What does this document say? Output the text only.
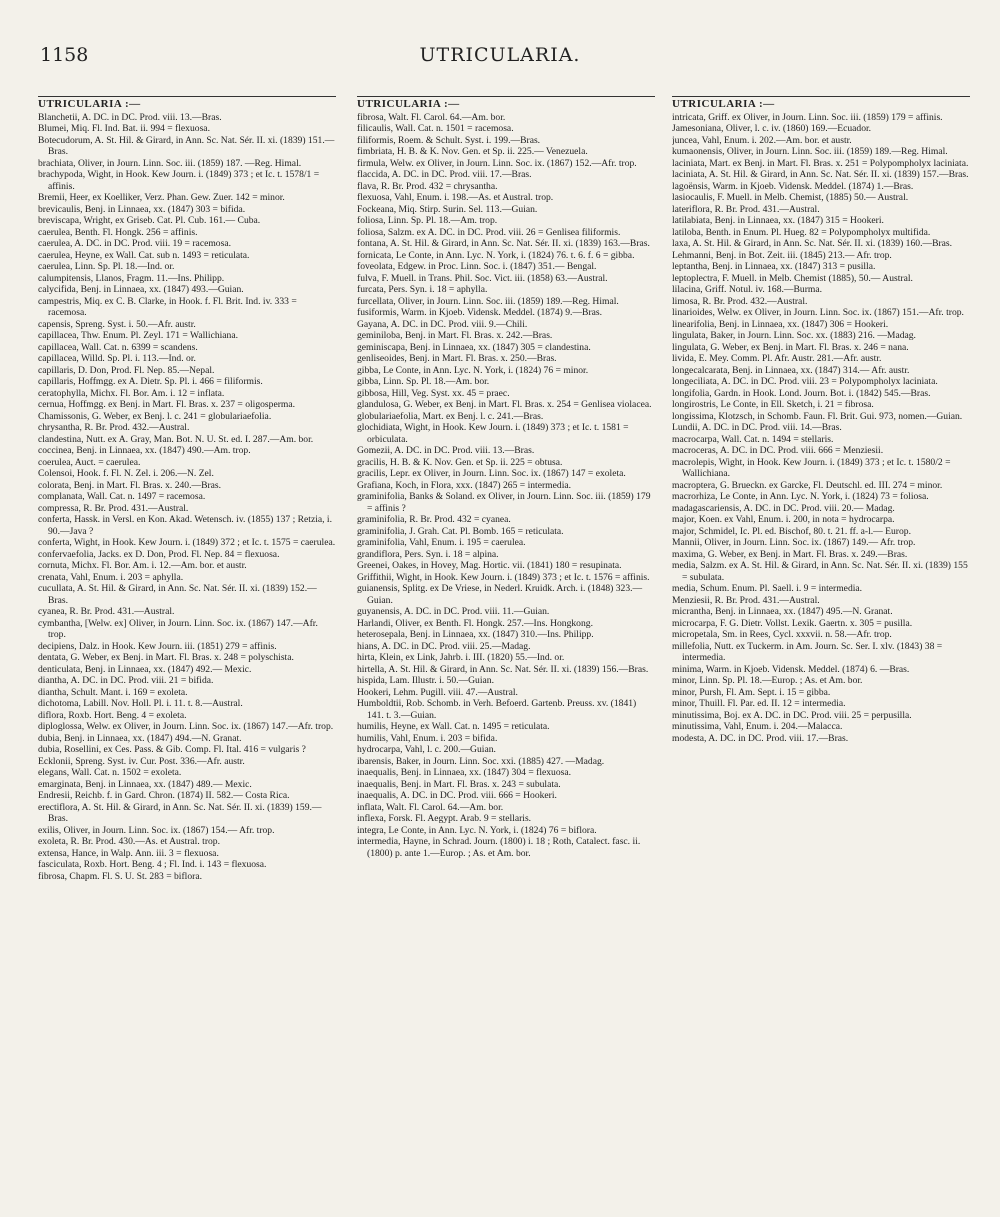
1158	UTRICULARIA.
UTRICULARIA :—

Blanchetii, A. DC. in DC. Prod. viii. 13.—Bras.

Blumei, Miq. Fl. Ind. Bat. ii. 994 = flexuosa.

Botecudorum, A. St. Hil. & Girard, in Ann. Sc. Nat. Sér. II. xi. (1839) 151.—Bras.

brachiata, Oliver, in Journ. Linn. Soc. iii. (1859) 187. —Reg. Himal.

brachypoda, Wight, in Hook. Kew Journ. i. (1849) 373 ; et Ic. t. 1578/1 = affinis.

Bremii, Heer, ex Koelliker, Verz. Phan. Gew. Zuer. 142 = minor.

brevicaulis, Benj. in Linnaea, xx. (1847) 303 = bifida.

breviscapa, Wright, ex Griseb. Cat. Pl. Cub. 161.— Cuba.

caerulea, Benth. Fl. Hongk. 256 = affinis.

caerulea, A. DC. in DC. Prod. viii. 19 = racemosa.

caerulea, Heyne, ex Wall. Cat. sub n. 1493 = reticulata.

caerulea, Linn. Sp. Pl. 18.—Ind. or.

calumpitensis, Llanos, Fragm. 11.—Ins. Philipp.

calycifida, Benj. in Linnaea, xx. (1847) 493.—Guian.

campestris, Miq. ex C. B. Clarke, in Hook. f. Fl. Brit. Ind. iv. 333 = racemosa.

capensis, Spreng. Syst. i. 50.—Afr. austr.

capillacea, Thw. Enum. Pl. Zeyl. 171 = Wallichiana.

capillacea, Wall. Cat. n. 6399 = scandens.

capillacea, Willd. Sp. Pl. i. 113.—Ind. or.

capillaris, D. Don, Prod. Fl. Nep. 85.—Nepal.

capillaris, Hoffmgg. ex A. Dietr. Sp. Pl. i. 466 = filiformis.

ceratophylla, Michx. Fl. Bor. Am. i. 12 = inflata.

cernua, Hoffmgg. ex Benj. in Mart. Fl. Bras. x. 237 = oligosperma.

Chamissonis, G. Weber, ex Benj. l. c. 241 = globulariaefolia.

chrysantha, R. Br. Prod. 432.—Austral.

clandestina, Nutt. ex A. Gray, Man. Bot. N. U. St. ed. I. 287.—Am. bor.

coccinea, Benj. in Linnaea, xx. (1847) 490.—Am. trop.

coerulea, Auct. = caerulea.

Colensoi, Hook. f. Fl. N. Zel. i. 206.—N. Zel.

colorata, Benj. in Mart. Fl. Bras. x. 240.—Bras.

complanata, Wall. Cat. n. 1497 = racemosa.

compressa, R. Br. Prod. 431.—Austral.

conferta, Hassk. in Versl. en Kon. Akad. Wetensch. iv. (1855) 137 ; Retzia, i. 90.—Java ?

conferta, Wight, in Hook. Kew Journ. i. (1849) 372 ; et Ic. t. 1575 = caerulea.

confervaefolia, Jacks. ex D. Don, Prod. Fl. Nep. 84 = flexuosa.

cornuta, Michx. Fl. Bor. Am. i. 12.—Am. bor. et austr.

crenata, Vahl, Enum. i. 203 = aphylla.

cucullata, A. St. Hil. & Girard, in Ann. Sc. Nat. Sér. II. xi. (1839) 152.—Bras.

cyanea, R. Br. Prod. 431.—Austral.

cymbantha, [Welw. ex] Oliver, in Journ. Linn. Soc. ix. (1867) 147.—Afr. trop.

decipiens, Dalz. in Hook. Kew Journ. iii. (1851) 279 = affinis.

dentata, G. Weber, ex Benj. in Mart. Fl. Bras. x. 248 = polyschista.

denticulata, Benj. in Linnaea, xx. (1847) 492.— Mexic.

diantha, A. DC. in DC. Prod. viii. 21 = bifida.

diantha, Schult. Mant. i. 169 = exoleta.

dichotoma, Labill. Nov. Holl. Pl. i. 11. t. 8.—Austral.

diflora, Roxb. Hort. Beng. 4 = exoleta.

diploglossa, Welw. ex Oliver, in Journ. Linn. Soc. ix. (1867) 147.—Afr. trop.

dubia, Benj. in Linnaea, xx. (1847) 494.—N. Granat.

dubia, Rosellini, ex Ces. Pass. & Gib. Comp. Fl. Ital. 416 = vulgaris ?

Ecklonii, Spreng. Syst. iv. Cur. Post. 336.—Afr. austr.

elegans, Wall. Cat. n. 1502 = exoleta.

emarginata, Benj. in Linnaea, xx. (1847) 489.— Mexic.

Endresii, Reichb. f. in Gard. Chron. (1874) II. 582.— Costa Rica.

erectiflora, A. St. Hil. & Girard, in Ann. Sc. Nat. Sér. II. xi. (1839) 159.—Bras.

exilis, Oliver, in Journ. Linn. Soc. ix. (1867) 154.— Afr. trop.

exoleta, R. Br. Prod. 430.—As. et Austral. trop.

extensa, Hance, in Walp. Ann. iii. 3 = flexuosa.

fasciculata, Roxb. Hort. Beng. 4 ; Fl. Ind. i. 143 = flexuosa.

fibrosa, Chapm. Fl. S. U. St. 283 = biflora.

UTRICULARIA :—

fibrosa, Walt. Fl. Carol. 64.—Am. bor.

filicaulis, Wall. Cat. n. 1501 = racemosa.

filiformis, Roem. & Schult. Syst. i. 199.—Bras.

fimbriata, H. B. & K. Nov. Gen. et Sp. ii. 225.— Venezuela.

firmula, Welw. ex Oliver, in Journ. Linn. Soc. ix. (1867) 152.—Afr. trop.

flaccida, A. DC. in DC. Prod. viii. 17.—Bras.

flava, R. Br. Prod. 432 = chrysantha.

flexuosa, Vahl, Enum. i. 198.—As. et Austral. trop.

Fockeana, Miq. Stirp. Surin. Sel. 113.—Guian.

foliosa, Linn. Sp. Pl. 18.—Am. trop.

foliosa, Salzm. ex A. DC. in DC. Prod. viii. 26 = Genlisea filiformis.

fontana, A. St. Hil. & Girard, in Ann. Sc. Nat. Sér. II. xi. (1839) 163.—Bras.

fornicata, Le Conte, in Ann. Lyc. N. York, i. (1824) 76. t. 6. f. 6 = gibba.

foveolata, Edgew. in Proc. Linn. Soc. i. (1847) 351.— Bengal.

fulva, F. Muell. in Trans. Phil. Soc. Vict. iii. (1858) 63.—Austral.

furcata, Pers. Syn. i. 18 = aphylla.

furcellata, Oliver, in Journ. Linn. Soc. iii. (1859) 189.—Reg. Himal.

fusiformis, Warm. in Kjoeb. Vidensk. Meddel. (1874) 9.—Bras.

Gayana, A. DC. in DC. Prod. viii. 9.—Chili.

geminiloba, Benj. in Mart. Fl. Bras. x. 242.—Bras.

geminiscapa, Benj. in Linnaea, xx. (1847) 305 = clandestina.

genliseoides, Benj. in Mart. Fl. Bras. x. 250.—Bras.

gibba, Le Conte, in Ann. Lyc. N. York, i. (1824) 76 = minor.

gibba, Linn. Sp. Pl. 18.—Am. bor.

gibbosa, Hill, Veg. Syst. xx. 45 = praec.

glandulosa, G. Weber, ex Benj. in Mart. Fl. Bras. x. 254 = Genlisea violacea.

globulariaefolia, Mart. ex Benj. l. c. 241.—Bras.

glochidiata, Wight, in Hook. Kew Journ. i. (1849) 373 ; et Ic. t. 1581 = orbiculata.

Gomezii, A. DC. in DC. Prod. viii. 13.—Bras.

gracilis, H. B. & K. Nov. Gen. et Sp. ii. 225 = obtusa.

gracilis, Lepr. ex Oliver, in Journ. Linn. Soc. ix. (1867) 147 = exoleta.

Grafiana, Koch, in Flora, xxx. (1847) 265 = intermedia.

graminifolia, Banks & Soland. ex Oliver, in Journ. Linn. Soc. iii. (1859) 179 = affinis ?

graminifolia, R. Br. Prod. 432 = cyanea.

graminifolia, J. Grah. Cat. Pl. Bomb. 165 = reticulata.

graminifolia, Vahl, Enum. i. 195 = caerulea.

grandiflora, Pers. Syn. i. 18 = alpina.

Greenei, Oakes, in Hovey, Mag. Hortic. vii. (1841) 180 = resupinata.

Griffithii, Wight, in Hook. Kew Journ. i. (1849) 373 ; et Ic. t. 1576 = affinis.

guianensis, Splitg. ex De Vriese, in Nederl. Kruidk. Arch. i. (1848) 323.—Guian.

guyanensis, A. DC. in DC. Prod. viii. 11.—Guian.

Harlandi, Oliver, ex Benth. Fl. Hongk. 257.—Ins. Hongkong.

heterosepala, Benj. in Linnaea, xx. (1847) 310.—Ins. Philipp.

hians, A. DC. in DC. Prod. viii. 25.—Madag.

hirta, Klein, ex Link, Jahrb. i. III. (1820) 55.—Ind. or.

hirtella, A. St. Hil. & Girard, in Ann. Sc. Nat. Sér. II. xi. (1839) 156.—Bras.

hispida, Lam. Illustr. i. 50.—Guian.

Hookeri, Lehm. Pugill. viii. 47.—Austral.

Humboldtii, Rob. Schomb. in Verh. Befoerd. Gartenb. Preuss. xv. (1841) 141. t. 3.—Guian.

humilis, Heyne, ex Wall. Cat. n. 1495 = reticulata.

humilis, Vahl, Enum. i. 203 = bifida.

hydrocarpa, Vahl, l. c. 200.—Guian.

ibarensis, Baker, in Journ. Linn. Soc. xxi. (1885) 427. —Madag.

inaequalis, Benj. in Linnaea, xx. (1847) 304 = flexuosa.

inaequalis, Benj. in Mart. Fl. Bras. x. 243 = subulata.

inaequalis, A. DC. in DC. Prod. viii. 666 = Hookeri.

inflata, Walt. Fl. Carol. 64.—Am. bor.

inflexa, Forsk. Fl. Aegypt. Arab. 9 = stellaris.

integra, Le Conte, in Ann. Lyc. N. York, i. (1824) 76 = biflora.

intermedia, Hayne, in Schrad. Journ. (1800) i. 18 ; Roth, Catalect. fasc. ii. (1800) p. ante 1.—Europ. ; As. et Am. bor.

UTRICULARIA :—

intricata, Griff. ex Oliver, in Journ. Linn. Soc. iii. (1859) 179 = affinis.

Jamesoniana, Oliver, l. c. iv. (1860) 169.—Ecuador.

juncea, Vahl, Enum. i. 202.—Am. bor. et austr.

kumaonensis, Oliver, in Journ. Linn. Soc. iii. (1859) 189.—Reg. Himal.

laciniata, Mart. ex Benj. in Mart. Fl. Bras. x. 251 = Polypompholyx laciniata.

laciniata, A. St. Hil. & Girard, in Ann. Sc. Nat. Sér. II. xi. (1839) 157.—Bras.

lagoënsis, Warm. in Kjoeb. Vidensk. Meddel. (1874) 1.—Bras.

lasiocaulis, F. Muell. in Melb. Chemist, (1885) 50.— Austral.

lateriflora, R. Br. Prod. 431.—Austral.

latilabiata, Benj. in Linnaea, xx. (1847) 315 = Hookeri.

latiloba, Benth. in Enum. Pl. Hueg. 82 = Polypompholyx multifida.

laxa, A. St. Hil. & Girard, in Ann. Sc. Nat. Sér. II. xi. (1839) 160.—Bras.

Lehmanni, Benj. in Bot. Zeit. iii. (1845) 213.— Afr. trop.

leptantha, Benj. in Linnaea, xx. (1847) 313 = pusilla.

leptoplectra, F. Muell. in Melb. Chemist (1885), 50.— Austral.

lilacina, Griff. Notul. iv. 168.—Burma.

limosa, R. Br. Prod. 432.—Austral.

linarioides, Welw. ex Oliver, in Journ. Linn. Soc. ix. (1867) 151.—Afr. trop.

linearifolia, Benj. in Linnaea, xx. (1847) 306 = Hookeri.

lingulata, Baker, in Journ. Linn. Soc. xx. (1883) 216. —Madag.

lingulata, G. Weber, ex Benj. in Mart. Fl. Bras. x. 246 = nana.

livida, E. Mey. Comm. Pl. Afr. Austr. 281.—Afr. austr.

longecalcarata, Benj. in Linnaea, xx. (1847) 314.— Afr. austr.

longeciliata, A. DC. in DC. Prod. viii. 23 = Polypompholyx laciniata.

longifolia, Gardn. in Hook. Lond. Journ. Bot. i. (1842) 545.—Bras.

longirostris, Le Conte, in Ell. Sketch, i. 21 = fibrosa.

longissima, Klotzsch, in Schomb. Faun. Fl. Brit. Gui. 973, nomen.—Guian.

Lundii, A. DC. in DC. Prod. viii. 14.—Bras.

macrocarpa, Wall. Cat. n. 1494 = stellaris.

macroceras, A. DC. in DC. Prod. viii. 666 = Menziesii.

macrolepis, Wight, in Hook. Kew Journ. i. (1849) 373 ; et Ic. t. 1580/2 = Wallichiana.

macroptera, G. Brueckn. ex Garcke, Fl. Deutschl. ed. III. 274 = minor.

macrorhiza, Le Conte, in Ann. Lyc. N. York, i. (1824) 73 = foliosa.

madagascariensis, A. DC. in DC. Prod. viii. 20.— Madag.

major, Koen. ex Vahl, Enum. i. 200, in nota = hydrocarpa.

major, Schmidel, Ic. Pl. ed. Bischof, 80. t. 21. ff. a-l.— Europ.

Mannii, Oliver, in Journ. Linn. Soc. ix. (1867) 149.— Afr. trop.

maxima, G. Weber, ex Benj. in Mart. Fl. Bras. x. 249.—Bras.

media, Salzm. ex A. St. Hil. & Girard, in Ann. Sc. Nat. Sér. II. xi. (1839) 155 = subulata.

media, Schum. Enum. Pl. Saell. i. 9 = intermedia.

Menziesii, R. Br. Prod. 431.—Austral.

micrantha, Benj. in Linnaea, xx. (1847) 495.—N. Granat.

microcarpa, F. G. Dietr. Vollst. Lexik. Gaertn. x. 305 = pusilla.

micropetala, Sm. in Rees, Cycl. xxxvii. n. 58.—Afr. trop.

millefolia, Nutt. ex Tuckerm. in Am. Journ. Sc. Ser. I. xlv. (1843) 38 = intermedia.

minima, Warm. in Kjoeb. Vidensk. Meddel. (1874) 6. —Bras.

minor, Linn. Sp. Pl. 18.—Europ. ; As. et Am. bor.

minor, Pursh, Fl. Am. Sept. i. 15 = gibba.

minor, Thuill. Fl. Par. ed. II. 12 = intermedia.

minutissima, Boj. ex A. DC. in DC. Prod. viii. 25 = perpusilla.

minutissima, Vahl, Enum. i. 204.—Malacca.

modesta, A. DC. in DC. Prod. viii. 17.—Bras.
